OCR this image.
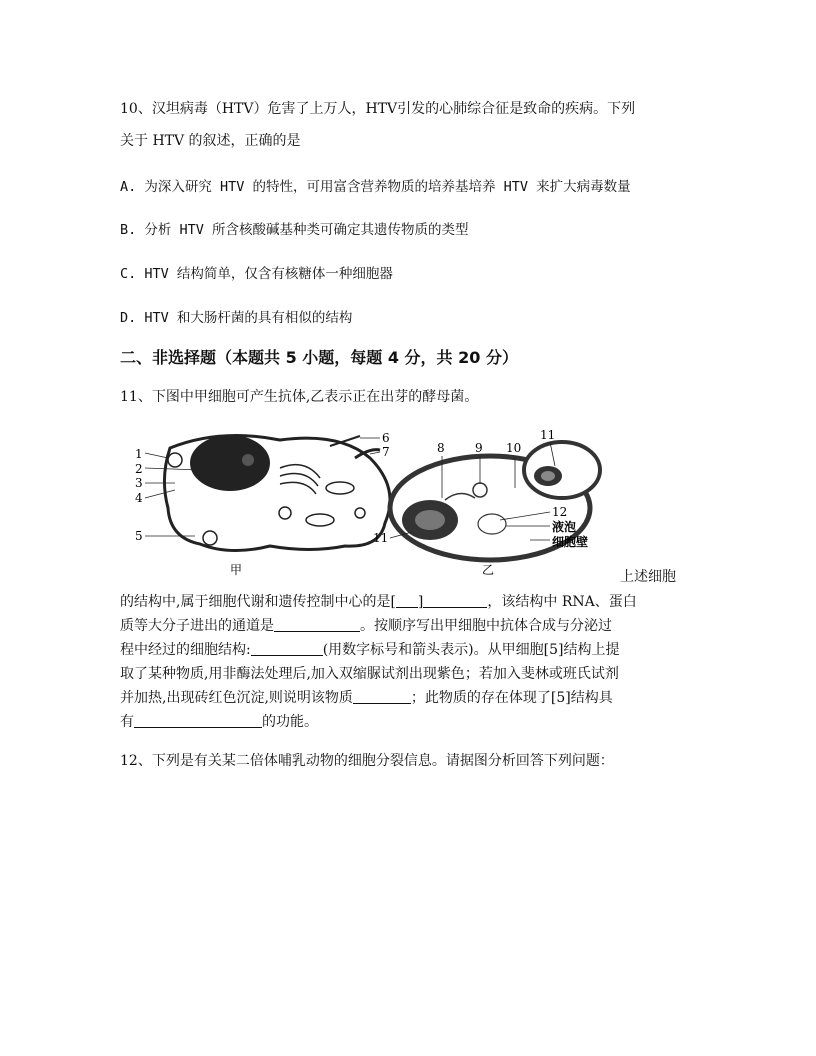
10、汉坦病毒（HTV）危害了上万人，HTV引发的心肺综合征是致命的疾病。下列
关于 HTV 的叙述，正确的是
A. 为深入研究 HTV 的特性，可用富含营养物质的培养基培养 HTV 来扩大病毒数量
B. 分析 HTV 所含核酸碱基种类可确定其遗传物质的类型
C. HTV 结构简单，仅含有核糖体一种细胞器
D. HTV 和大肠杆菌的具有相似的结构
二、非选择题（本题共 5 小题，每题 4 分，共 20 分）
11、下图中甲细胞可产生抗体,乙表示正在出芽的酵母菌。
1
2
3
4
5
6
7
甲
8	9 10
11
11
12
液泡
细胞壁
乙	上述细胞
的结构中,属于细胞代谢和遗传控制中心的是[ ]	，该结构中 RNA、蛋白
质等大分子进出的通道是	。按顺序写出甲细胞中抗体合成与分泌过
程中经过的细胞结构:	(用数字标号和箭头表示)。从甲细胞[5]结构上提
取了某种物质,用非酶法处理后,加入双缩脲试剂出现紫色；若加入斐林或班氏试剂
并加热,出现砖红色沉淀,则说明该物质	；此物质的存在体现了[5]结构具
有	的功能。
12、下列是有关某二倍体哺乳动物的细胞分裂信息。请据图分析回答下列问题：
